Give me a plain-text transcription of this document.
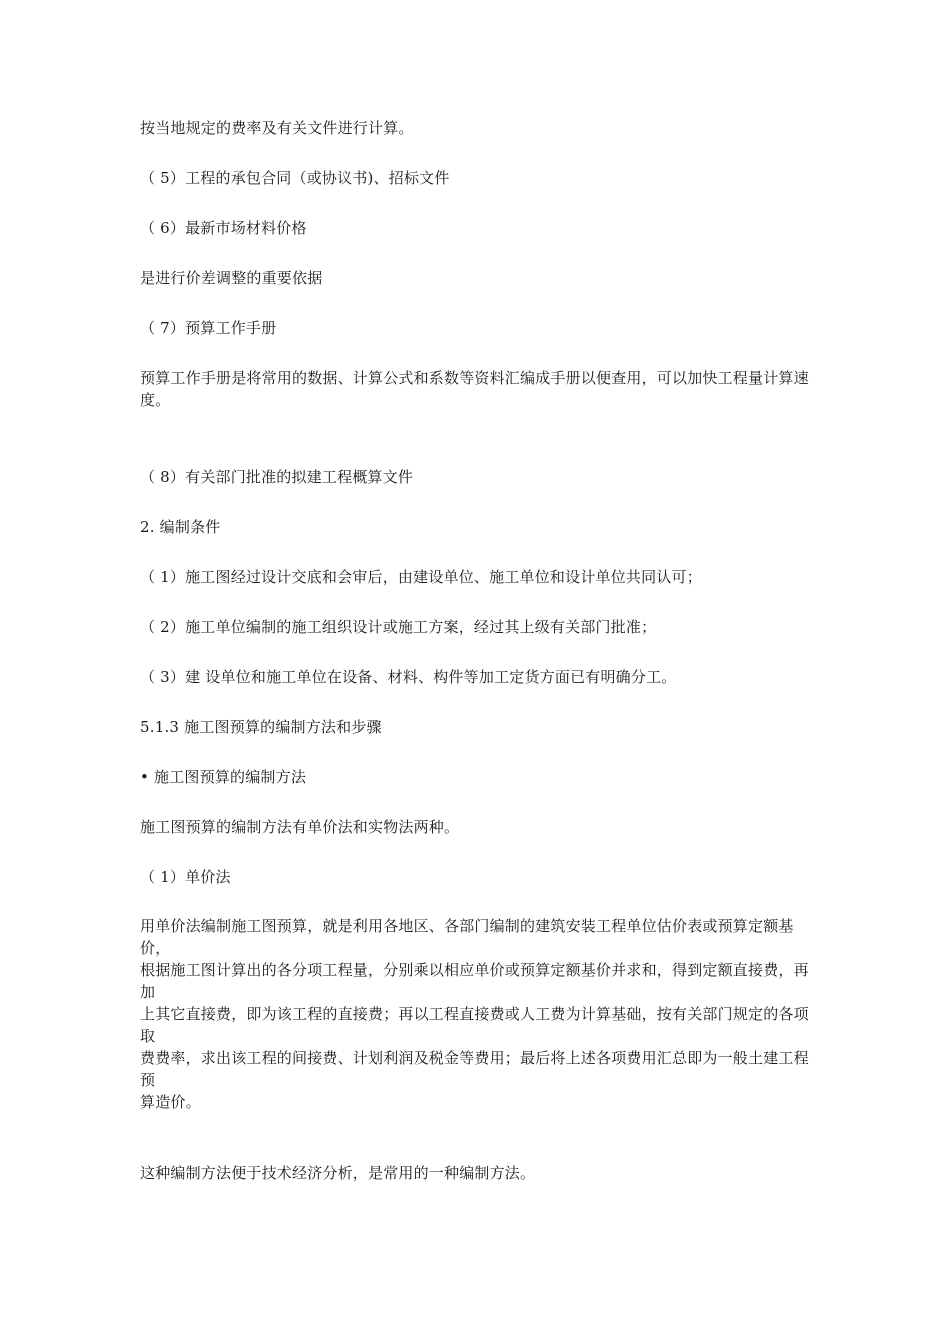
按当地规定的费率及有关文件进行计算。
（ 5）工程的承包合同（或协议书)、招标文件
（ 6）最新市场材料价格
是进行价差调整的重要依据
（ 7）预算工作手册
预算工作手册是将常用的数据、计算公式和系数等资料汇编成手册以便查用，可以加快工程量计算速度。
（ 8）有关部门批准的拟建工程概算文件
2. 编制条件
（ 1）施工图经过设计交底和会审后，由建设单位、施工单位和设计单位共同认可；
（ 2）施工单位编制的施工组织设计或施工方案，经过其上级有关部门批准；
（ 3）建 设单位和施工单位在设备、材料、构件等加工定货方面已有明确分工。
5.1.3 施工图预算的编制方法和步骤
• 施工图预算的编制方法
施工图预算的编制方法有单价法和实物法两种。
（ 1）单价法
用单价法编制施工图预算，就是利用各地区、各部门编制的建筑安装工程单位估价表或预算定额基价，
根据施工图计算出的各分项工程量，分别乘以相应单价或预算定额基价并求和，得到定额直接费，再加
上其它直接费，即为该工程的直接费；再以工程直接费或人工费为计算基础，按有关部门规定的各项取
费费率，求出该工程的间接费、计划利润及税金等费用；最后将上述各项费用汇总即为一般土建工程预
算造价。
这种编制方法便于技术经济分析，是常用的一种编制方法。
